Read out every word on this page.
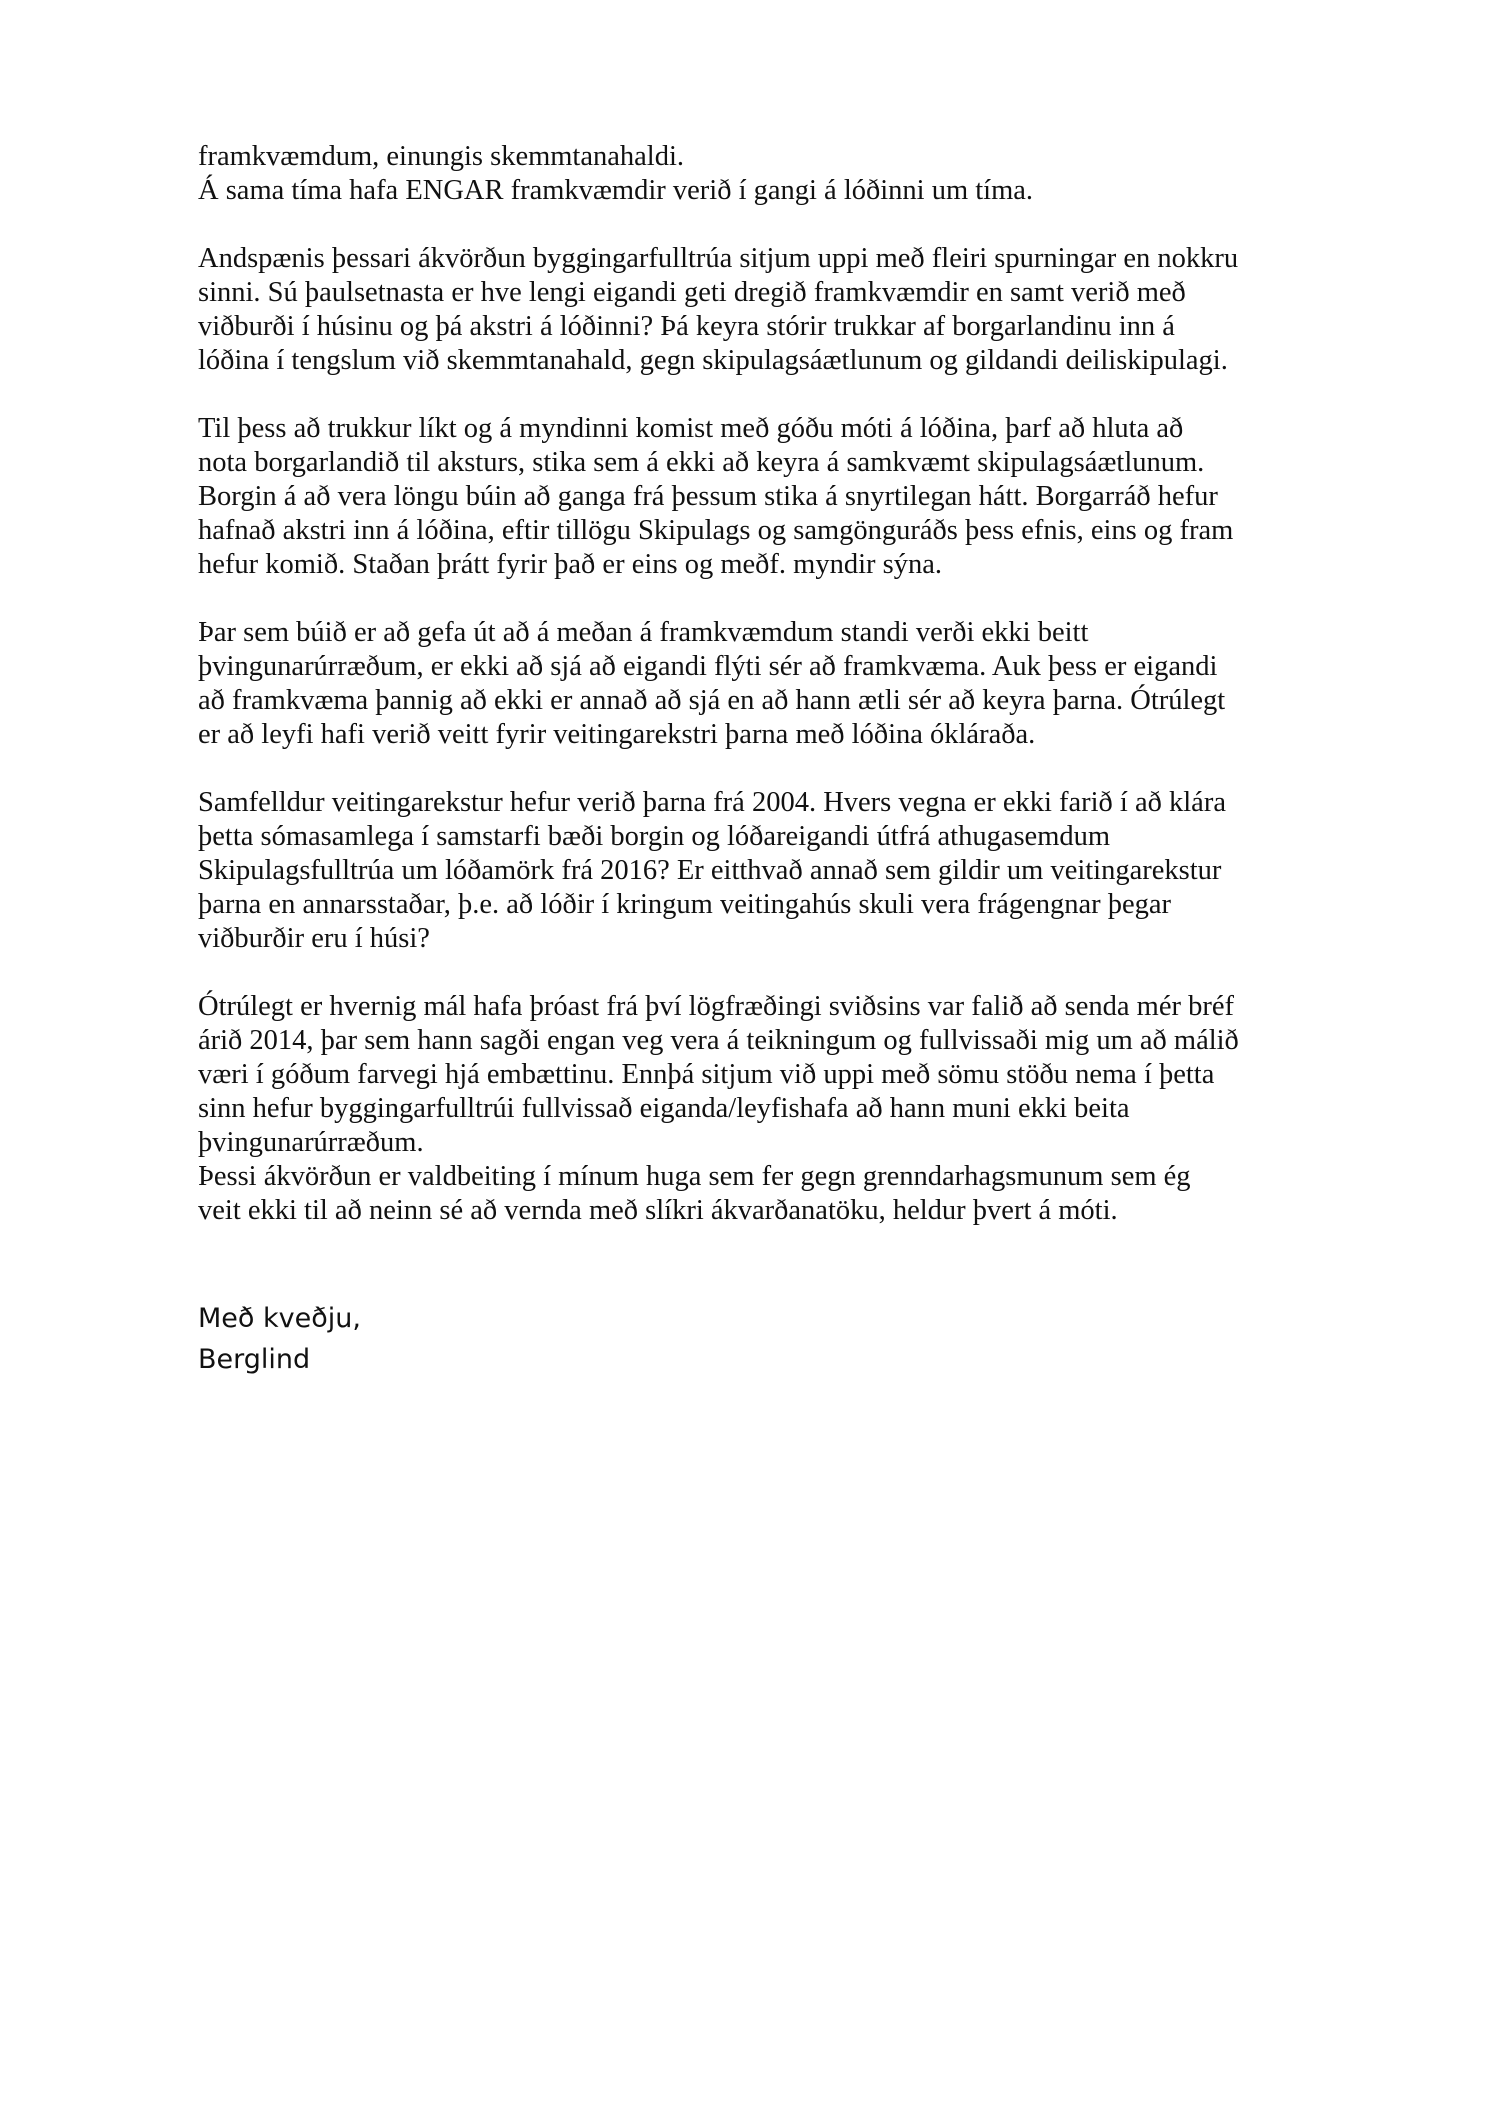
framkvæmdum, einungis skemmtanahaldi.
Á sama tíma hafa ENGAR framkvæmdir verið í gangi á lóðinni um tíma.
Andspænis þessari ákvörðun byggingarfulltrúa sitjum uppi með fleiri spurningar en nokkru
sinni. Sú þaulsetnasta er hve lengi eigandi geti dregið framkvæmdir en samt verið með
viðburði í húsinu og þá akstri á lóðinni? Þá keyra stórir trukkar af borgarlandinu inn á
lóðina í tengslum við skemmtanahald, gegn skipulagsáætlunum og gildandi deiliskipulagi.
Til þess að trukkur líkt og á myndinni komist með góðu móti á lóðina, þarf að hluta að
nota borgarlandið til aksturs, stika sem á ekki að keyra á samkvæmt skipulagsáætlunum.
Borgin á að vera löngu búin að ganga frá þessum stika á snyrtilegan hátt. Borgarráð hefur
hafnað akstri inn á lóðina, eftir tillögu Skipulags og samgönguráðs þess efnis, eins og fram
hefur komið. Staðan þrátt fyrir það er eins og meðf. myndir sýna.
Þar sem búið er að gefa út að á meðan á framkvæmdum standi verði ekki beitt
þvingunarúrræðum, er ekki að sjá að eigandi flýti sér að framkvæma. Auk þess er eigandi
að framkvæma þannig að ekki er annað að sjá en að hann ætli sér að keyra þarna. Ótrúlegt
er að leyfi hafi verið veitt fyrir veitingarekstri þarna með lóðina ókláraða.
Samfelldur veitingarekstur hefur verið þarna frá 2004. Hvers vegna er ekki farið í að klára
þetta sómasamlega í samstarfi bæði borgin og lóðareigandi útfrá athugasemdum
Skipulagsfulltrúa um lóðamörk frá 2016? Er eitthvað annað sem gildir um veitingarekstur
þarna en annarsstaðar, þ.e. að lóðir í kringum veitingahús skuli vera frágengnar þegar
viðburðir eru í húsi?
Ótrúlegt er hvernig mál hafa þróast frá því lögfræðingi sviðsins var falið að senda mér bréf
árið 2014, þar sem hann sagði engan veg vera á teikningum og fullvissaði mig um að málið
væri í góðum farvegi hjá embættinu. Ennþá sitjum við uppi með sömu stöðu nema í þetta
sinn hefur byggingarfulltrúi fullvissað eiganda/leyfishafa að hann muni ekki beita
þvingunarúrræðum.
Þessi ákvörðun er valdbeiting í mínum huga sem fer gegn grenndarhagsmunum sem ég
veit ekki til að neinn sé að vernda með slíkri ákvarðanatöku, heldur þvert á móti.
Með kveðju,
Berglind
